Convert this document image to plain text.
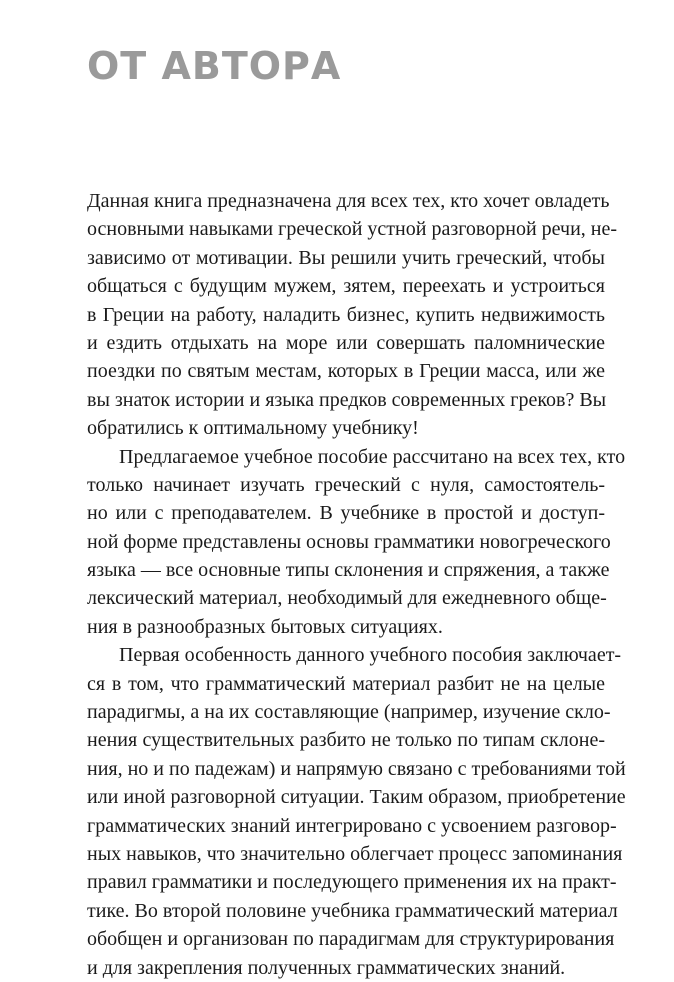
ОТ АВТОРА
Данная книга предназначена для всех тех, кто хочет овладеть
основными навыками греческой устной разговорной речи, не-
зависимо от мотивации. Вы решили учить греческий, чтобы
общаться с будущим мужем, зятем, переехать и устроиться
в Греции на работу, наладить бизнес, купить недвижимость
и ездить отдыхать на море или совершать паломнические
поездки по святым местам, которых в Греции масса, или же
вы знаток истории и языка предков современных греков? Вы
обратились к оптимальному учебнику!
Предлагаемое учебное пособие рассчитано на всех тех, кто
только начинает изучать греческий с нуля, самостоятель-
но или с преподавателем. В учебнике в простой и доступ-
ной форме представлены основы грамматики новогреческого
языка — все основные типы склонения и спряжения, а также
лексический материал, необходимый для ежедневного обще-
ния в разнообразных бытовых ситуациях.
Первая особенность данного учебного пособия заключает-
ся в том, что грамматический материал разбит не на целые
парадигмы, а на их составляющие (например, изучение скло-
нения существительных разбито не только по типам склоне-
ния, но и по падежам) и напрямую связано с требованиями той
или иной разговорной ситуации. Таким образом, приобретение
грамматических знаний интегрировано с усвоением разговор-
ных навыков, что значительно облегчает процесс запоминания
правил грамматики и последующего применения их на практ-
тике. Во второй половине учебника грамматический материал
обобщен и организован по парадигмам для структурирования
и для закрепления полученных грамматических знаний.
